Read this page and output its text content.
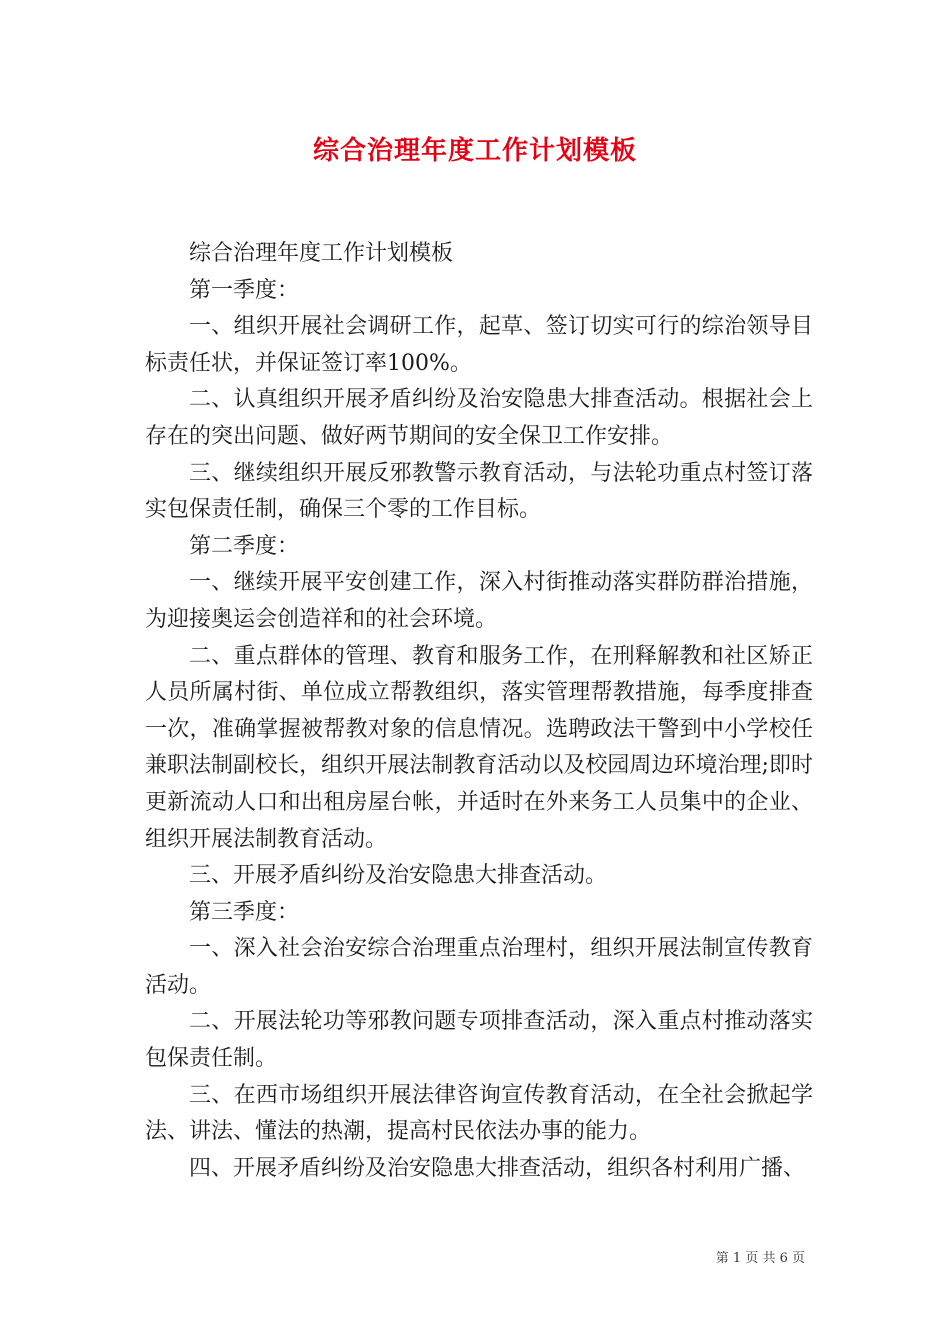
综合治理年度工作计划模板

综合治理年度工作计划模板

第一季度：

一、组织开展社会调研工作，起草、签订切实可行的综治领导目标责任状，并保证签订率100%。

二、认真组织开展矛盾纠纷及治安隐患大排查活动。根据社会上存在的突出问题、做好两节期间的安全保卫工作安排。

三、继续组织开展反邪教警示教育活动，与法轮功重点村签订落实包保责任制，确保三个零的工作目标。

第二季度：

一、继续开展平安创建工作，深入村街推动落实群防群治措施，为迎接奥运会创造祥和的社会环境。

二、重点群体的管理、教育和服务工作，在刑释解教和社区矫正人员所属村街、单位成立帮教组织，落实管理帮教措施，每季度排查一次，准确掌握被帮教对象的信息情况。选聘政法干警到中小学校任兼职法制副校长，组织开展法制教育活动以及校园周边环境治理;即时更新流动人口和出租房屋台帐，并适时在外来务工人员集中的企业、组织开展法制教育活动。

三、开展矛盾纠纷及治安隐患大排查活动。

第三季度：

一、深入社会治安综合治理重点治理村，组织开展法制宣传教育活动。

二、开展法轮功等邪教问题专项排查活动，深入重点村推动落实包保责任制。

三、在西市场组织开展法律咨询宣传教育活动，在全社会掀起学法、讲法、懂法的热潮，提高村民依法办事的能力。

四、开展矛盾纠纷及治安隐患大排查活动，组织各村利用广播、

第 1 页 共 6 页
